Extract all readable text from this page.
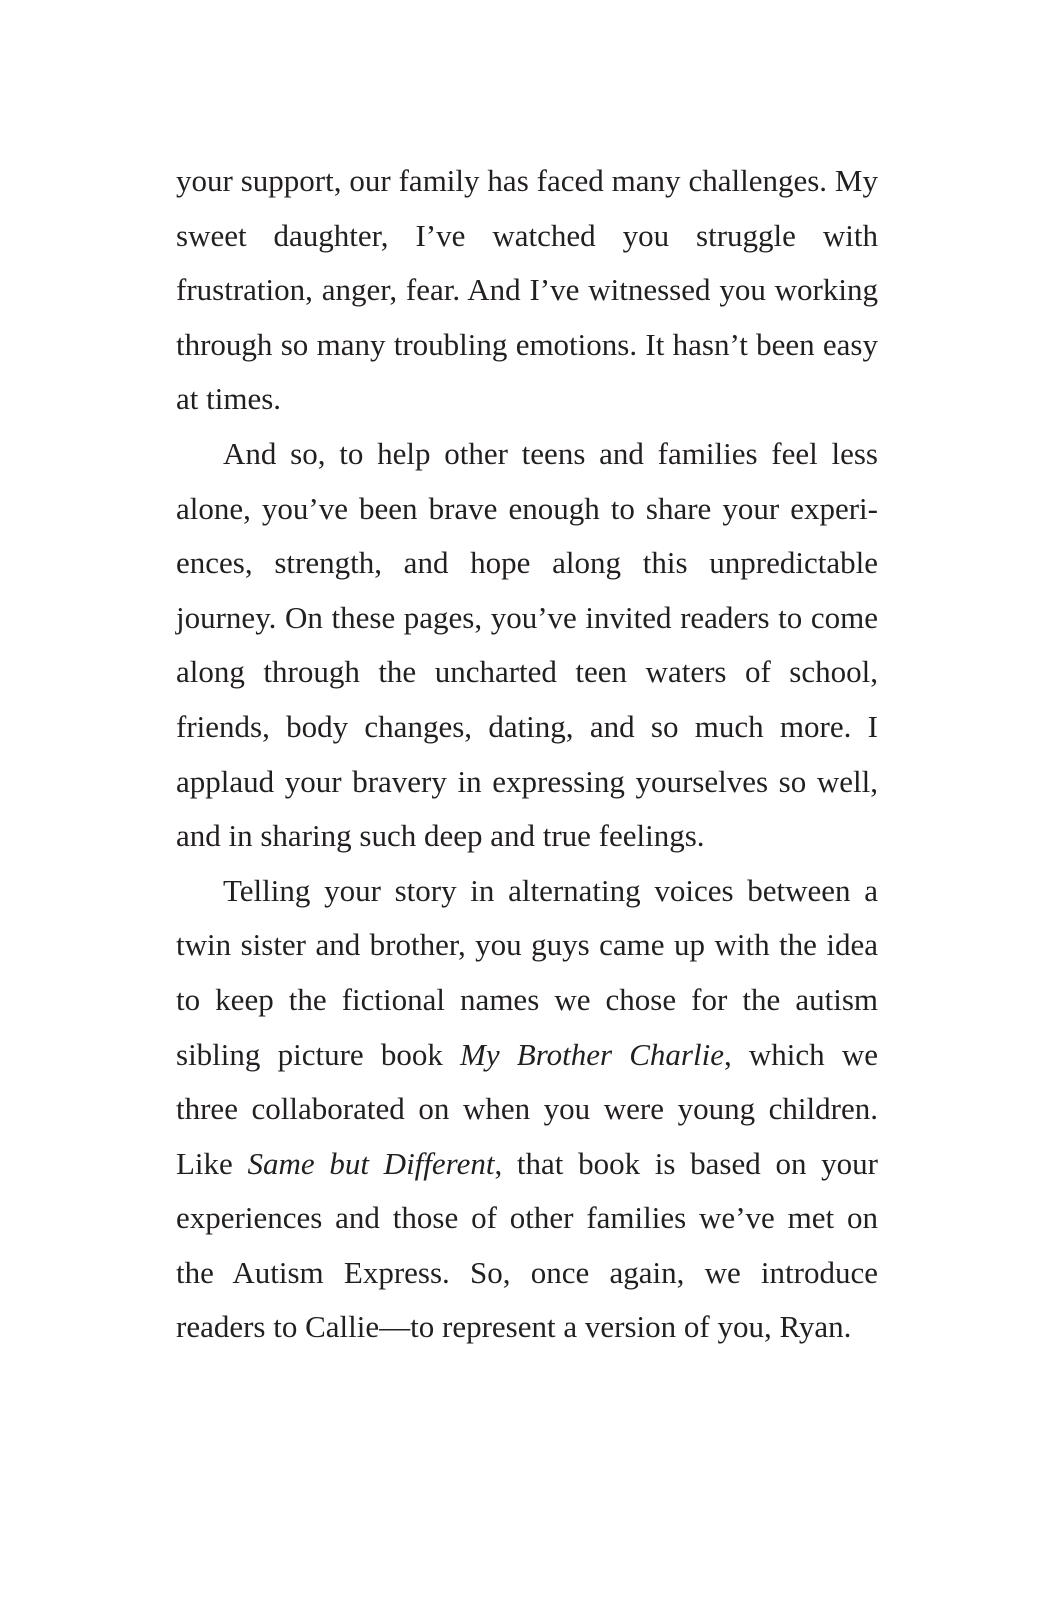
your support, our family has faced many challenges. My sweet daughter, I’ve watched you struggle with frustration, anger, fear. And I’ve witnessed you working through so many troubling emotions. It hasn’t been easy at times.

And so, to help other teens and families feel less alone, you’ve been brave enough to share your experiences, strength, and hope along this unpredictable journey. On these pages, you’ve invited readers to come along through the uncharted teen waters of school, friends, body changes, dating, and so much more. I applaud your bravery in expressing yourselves so well, and in sharing such deep and true feelings.

Telling your story in alternating voices between a twin sister and brother, you guys came up with the idea to keep the fictional names we chose for the autism sibling picture book My Brother Charlie, which we three collaborated on when you were young children. Like Same but Different, that book is based on your experiences and those of other families we’ve met on the Autism Express. So, once again, we introduce readers to Callie—to represent a version of you, Ryan.
